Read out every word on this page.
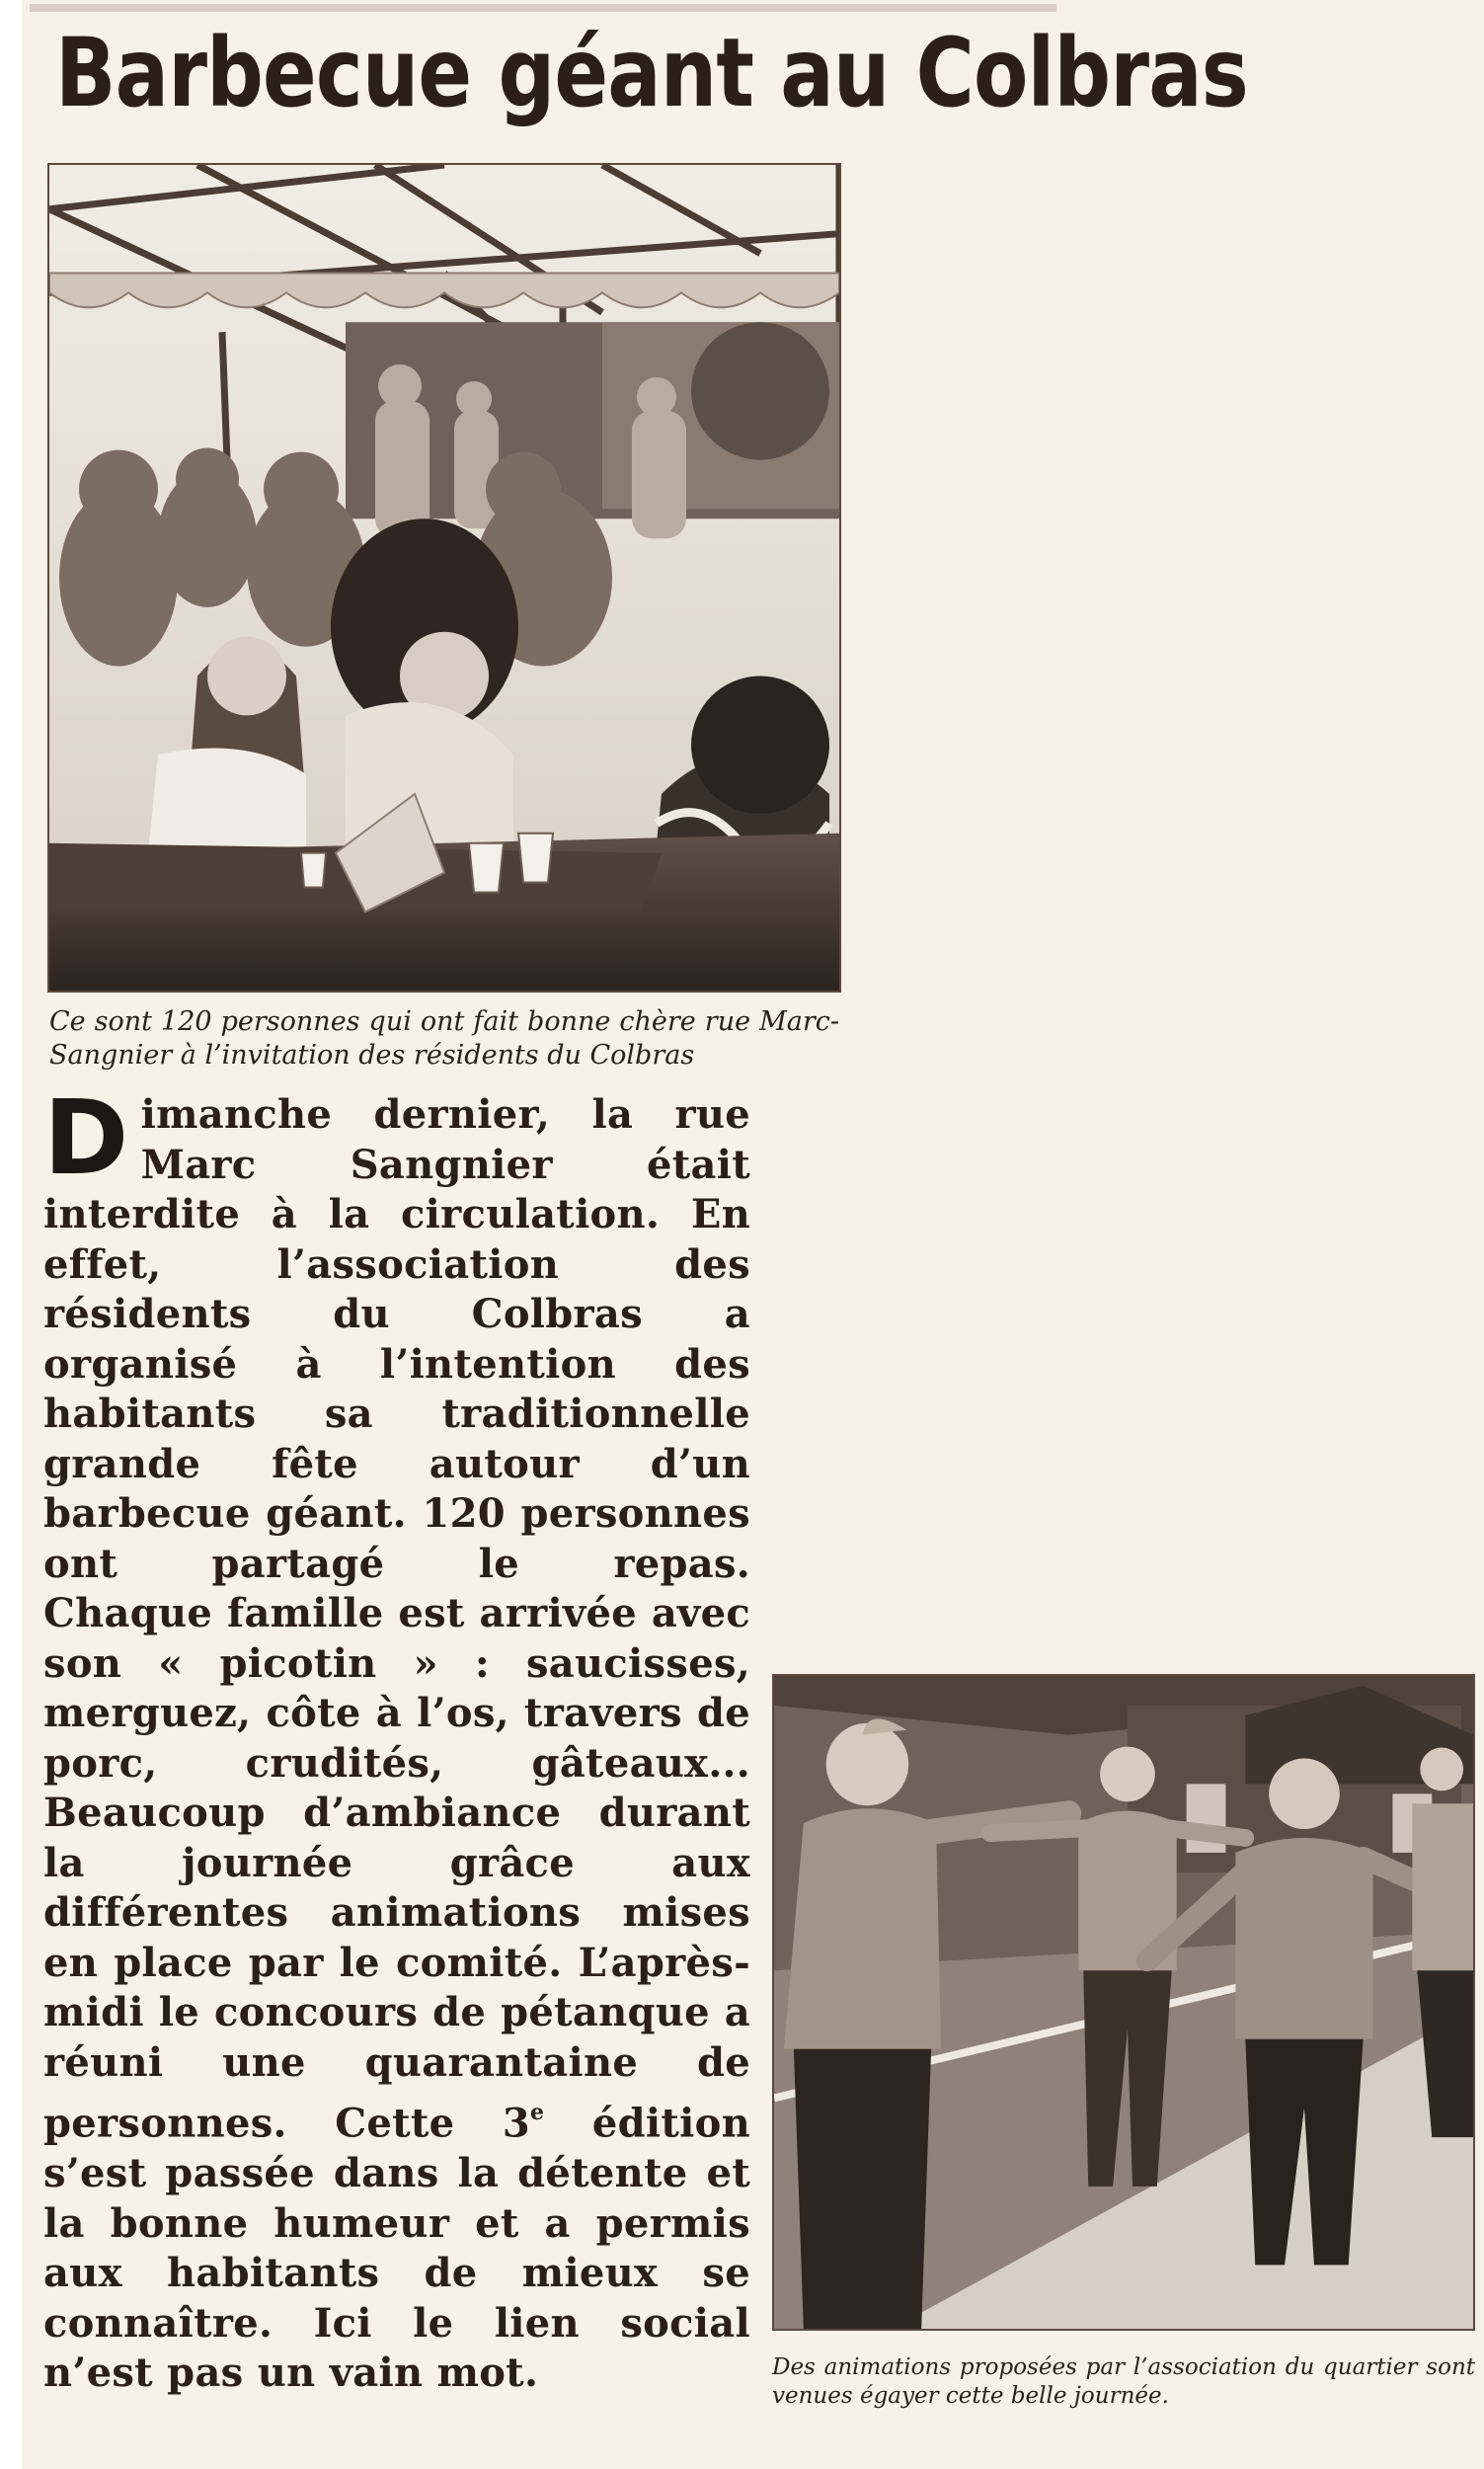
Barbecue géant au Colbras

Ce sont 120 personnes qui ont fait bonne chère rue Marc-Sangnier à l’invitation des résidents du Colbras

Dimanche dernier, la rue Marc Sangnier était interdite à la circulation. En effet, l’association des résidents du Colbras a organisé à l’intention des habitants sa traditionnelle grande fête autour d’un barbecue géant. 120 personnes ont partagé le repas.

Chaque famille est arrivée avec son « picotin » : saucisses, merguez, côte à l’os, travers de porc, crudités, gâteaux... Beaucoup d’ambiance durant la journée grâce aux différentes animations mises en place par le comité. L’après-midi le concours de pétanque a réuni une quarantaine de personnes. Cette 3e édition s’est passée dans la détente et la bonne humeur et a permis aux habitants de mieux se connaître. Ici le lien social n’est pas un vain mot.	Des animations proposées par l’association du quartier sont venues égayer cette belle journée.
